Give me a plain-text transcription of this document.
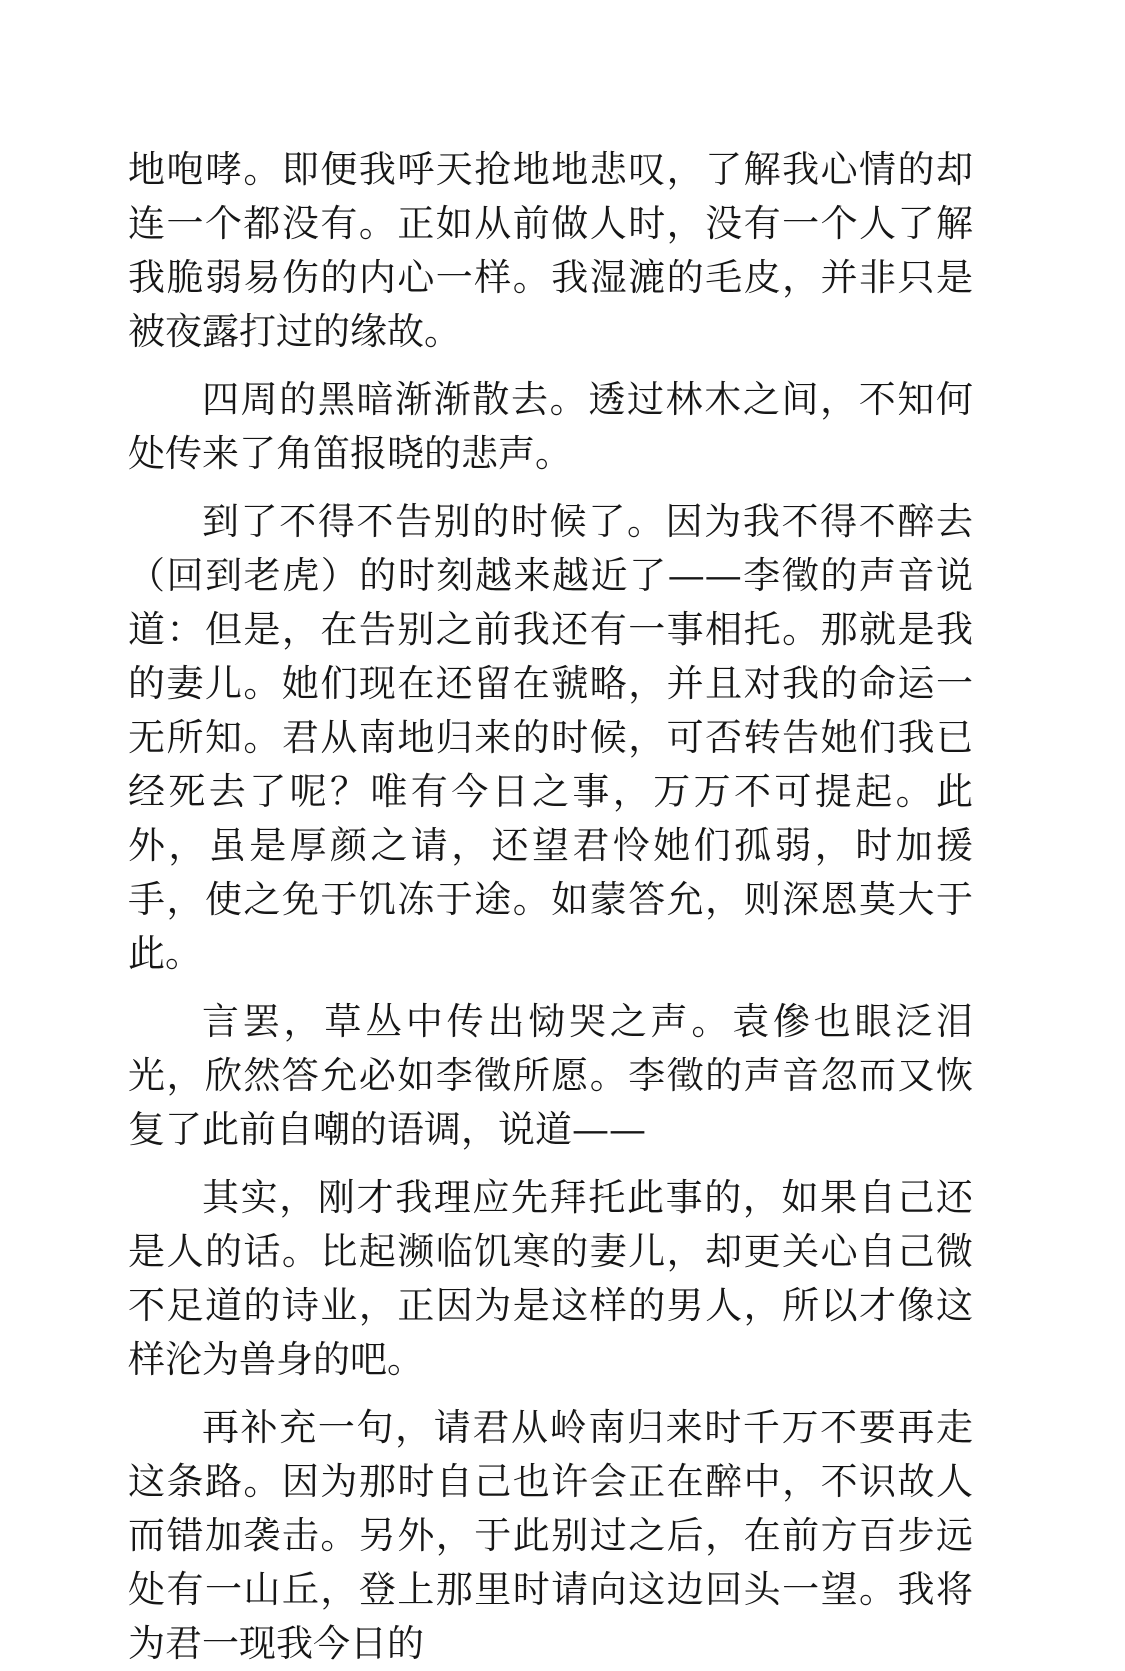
地咆哮。即便我呼天抢地地悲叹，了解我心情的却连一个都没有。正如从前做人时，没有一个人了解我脆弱易伤的内心一样。我湿漉的毛皮，并非只是被夜露打过的缘故。

四周的黑暗渐渐散去。透过林木之间，不知何处传来了角笛报晓的悲声。

到了不得不告别的时候了。因为我不得不醉去（回到老虎）的时刻越来越近了——李徵的声音说道：但是，在告别之前我还有一事相托。那就是我的妻儿。她们现在还留在虢略，并且对我的命运一无所知。君从南地归来的时候，可否转告她们我已经死去了呢？唯有今日之事，万万不可提起。此外，虽是厚颜之请，还望君怜她们孤弱，时加援手，使之免于饥冻于途。如蒙答允，则深恩莫大于此。

言罢，草丛中传出恸哭之声。袁傪也眼泛泪光，欣然答允必如李徵所愿。李徵的声音忽而又恢复了此前自嘲的语调，说道——

其实，刚才我理应先拜托此事的，如果自己还是人的话。比起濒临饥寒的妻儿，却更关心自己微不足道的诗业，正因为是这样的男人，所以才像这样沦为兽身的吧。

再补充一句，请君从岭南归来时千万不要再走这条路。因为那时自己也许会正在醉中，不识故人而错加袭击。另外，于此别过之后，在前方百步远处有一山丘，登上那里时请向这边回头一望。我将为君一现我今日的
